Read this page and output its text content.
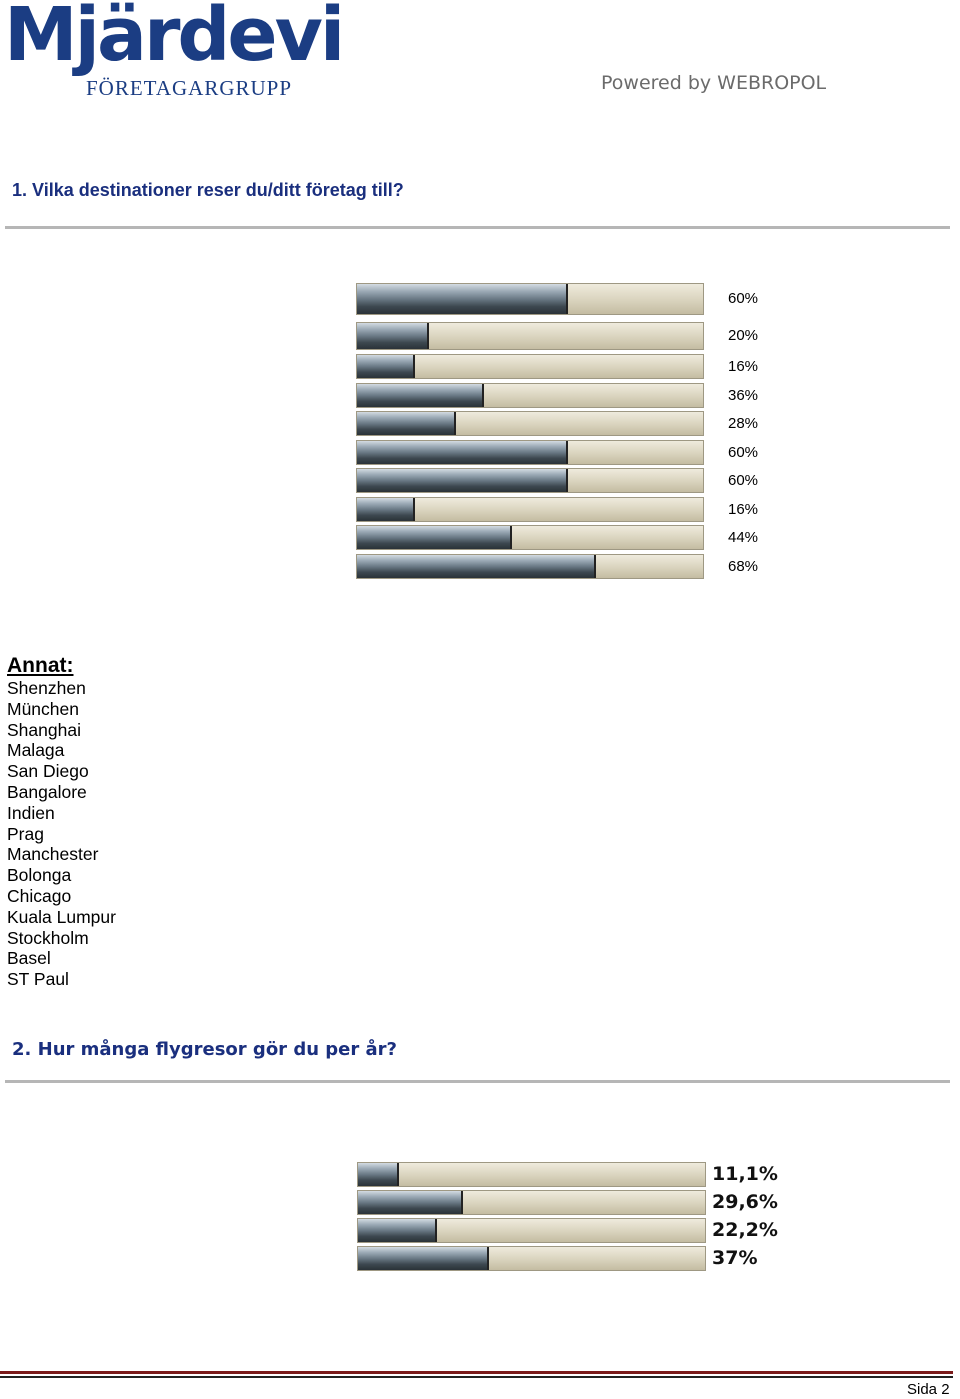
Mjärdevi
FÖRETAGARGRUPP	Powered by WEBROPOL
1. Vilka destinationer reser du/ditt företag till?
60%
20%
16%
36%
28%
60%
60%
16%
44%
68%
Annat:
Shenzhen
München
Shanghai
Malaga
San Diego
Bangalore
Indien
Prag
Manchester
Bolonga
Chicago
Kuala Lumpur
Stockholm
Basel
ST Paul
2. Hur många flygresor gör du per år?
11,1%
29,6%
22,2%
37%
Sida 2
